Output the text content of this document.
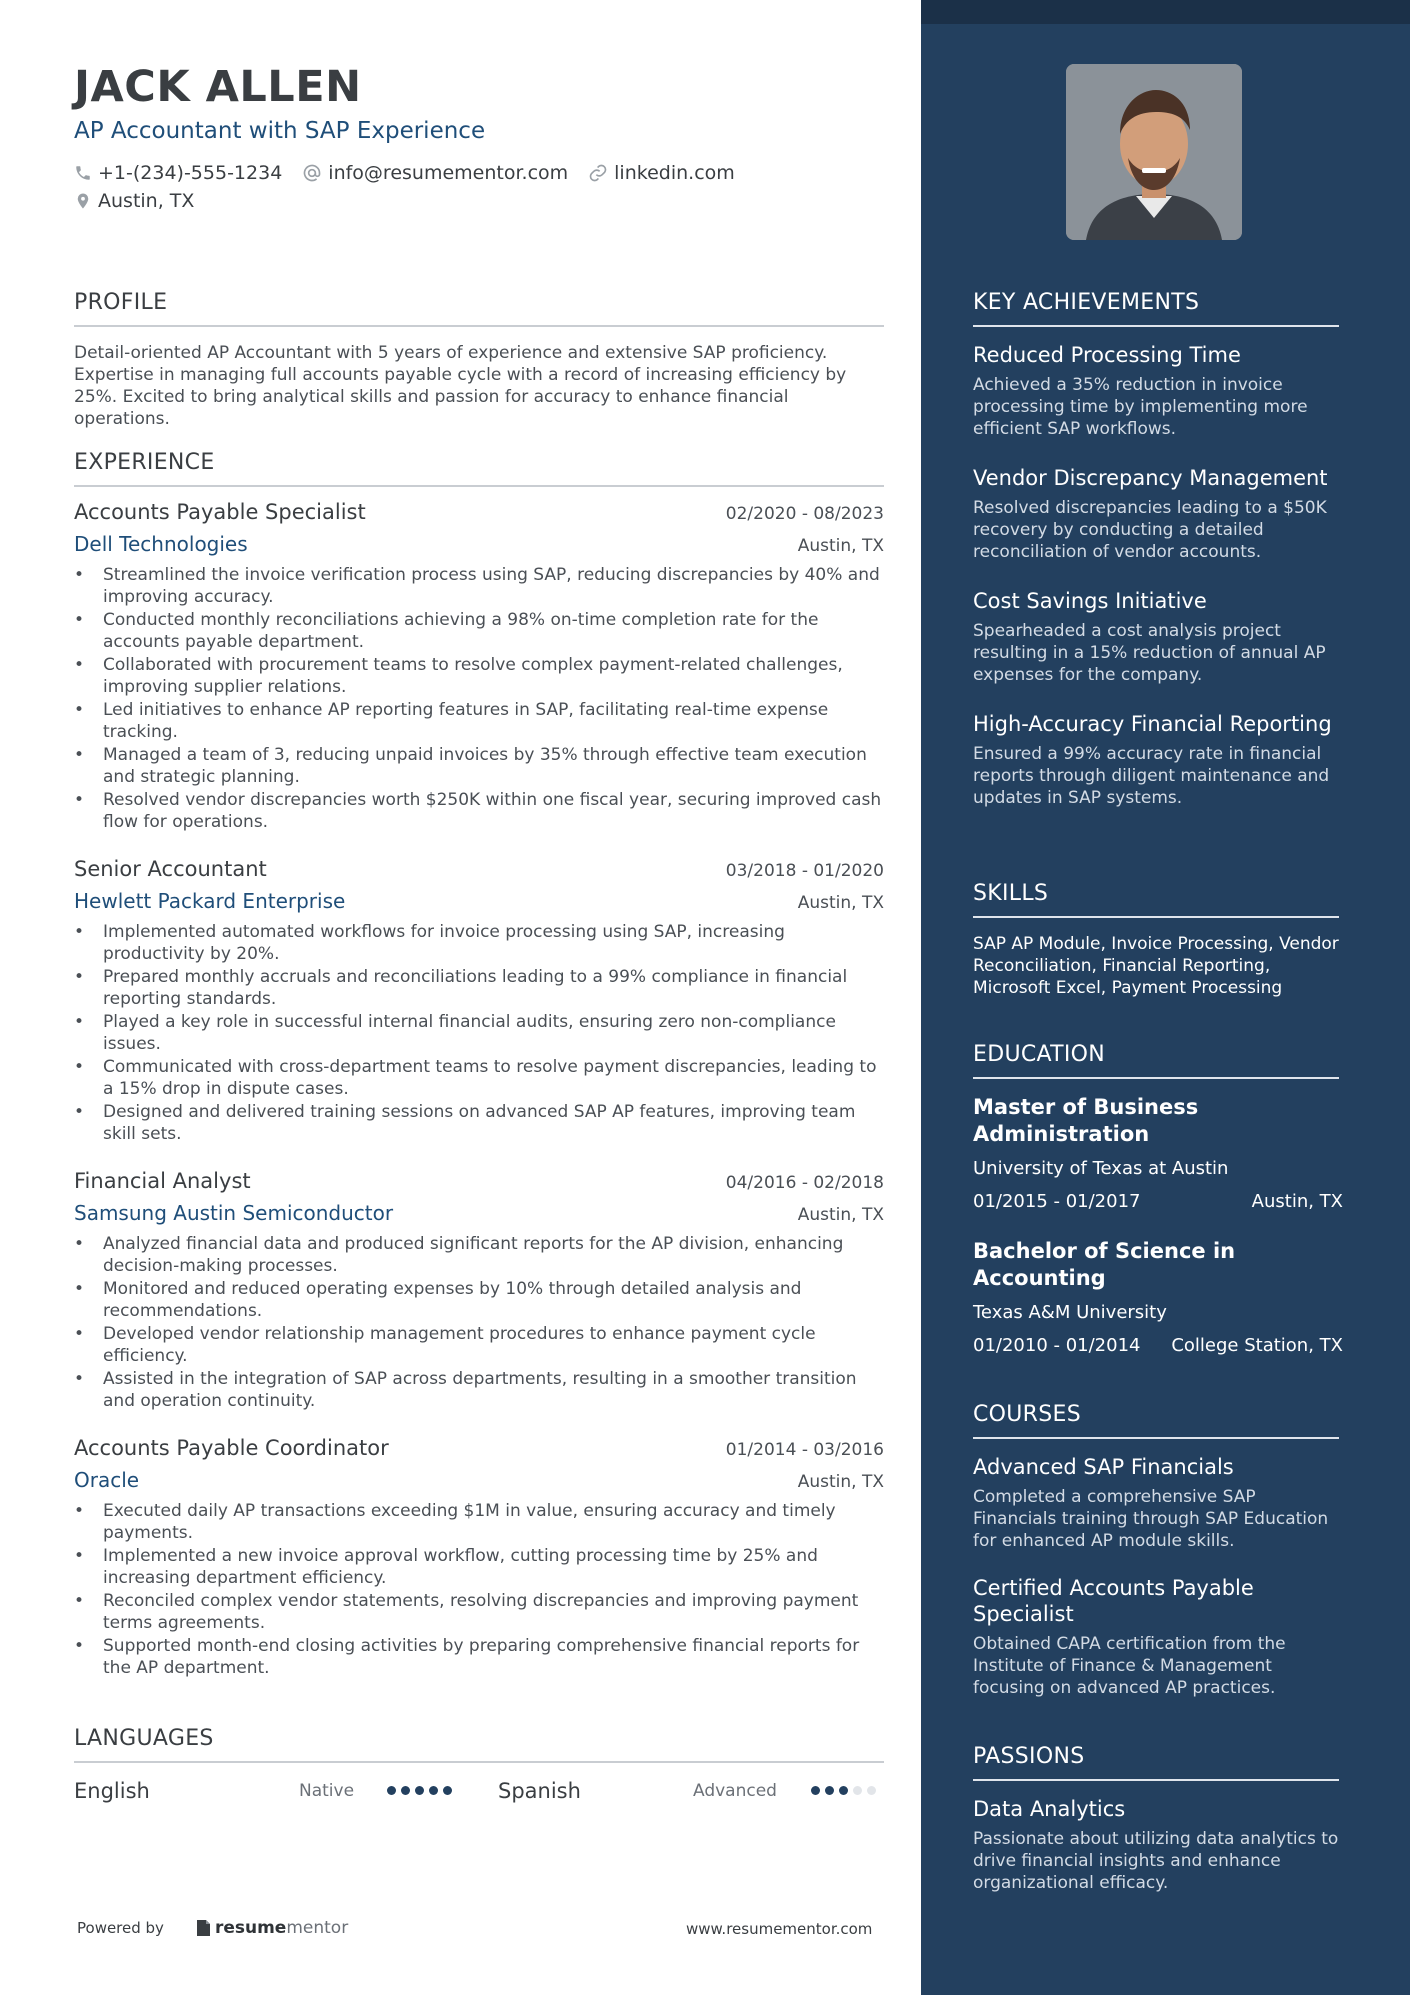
JACK ALLEN
AP Accountant with SAP Experience
+1-(234)-555-1234 info@resumementor.com linkedin.com
Austin, TX
PROFILE
Detail-oriented AP Accountant with 5 years of experience and extensive SAP proficiency. Expertise in managing full accounts payable cycle with a record of increasing efficiency by 25%. Excited to bring analytical skills and passion for accuracy to enhance financial operations.
EXPERIENCE
Accounts Payable Specialist	02/2020 - 08/2023
Dell Technologies	Austin, TX
• Streamlined the invoice verification process using SAP, reducing discrepancies by 40% and improving accuracy.
• Conducted monthly reconciliations achieving a 98% on-time completion rate for the accounts payable department.
• Collaborated with procurement teams to resolve complex payment-related challenges, improving supplier relations.
• Led initiatives to enhance AP reporting features in SAP, facilitating real-time expense tracking.
• Managed a team of 3, reducing unpaid invoices by 35% through effective team execution and strategic planning.
• Resolved vendor discrepancies worth $250K within one fiscal year, securing improved cash flow for operations.
Senior Accountant	03/2018 - 01/2020
Hewlett Packard Enterprise	Austin, TX
• Implemented automated workflows for invoice processing using SAP, increasing productivity by 20%.
• Prepared monthly accruals and reconciliations leading to a 99% compliance in financial reporting standards.
• Played a key role in successful internal financial audits, ensuring zero non-compliance issues.
• Communicated with cross-department teams to resolve payment discrepancies, leading to a 15% drop in dispute cases.
• Designed and delivered training sessions on advanced SAP AP features, improving team skill sets.
Financial Analyst	04/2016 - 02/2018
Samsung Austin Semiconductor	Austin, TX
• Analyzed financial data and produced significant reports for the AP division, enhancing decision-making processes.
• Monitored and reduced operating expenses by 10% through detailed analysis and recommendations.
• Developed vendor relationship management procedures to enhance payment cycle efficiency.
• Assisted in the integration of SAP across departments, resulting in a smoother transition and operation continuity.
Accounts Payable Coordinator	01/2014 - 03/2016
Oracle	Austin, TX
• Executed daily AP transactions exceeding $1M in value, ensuring accuracy and timely payments.
• Implemented a new invoice approval workflow, cutting processing time by 25% and increasing department efficiency.
• Reconciled complex vendor statements, resolving discrepancies and improving payment terms agreements.
• Supported month-end closing activities by preparing comprehensive financial reports for the AP department.
LANGUAGES
English	Native	Spanish	Advanced
Powered by	resume mentor	www.resumementor.com
KEY ACHIEVEMENTS
Reduced Processing Time
Achieved a 35% reduction in invoice processing time by implementing more efficient SAP workflows.
Vendor Discrepancy Management
Resolved discrepancies leading to a $50K recovery by conducting a detailed reconciliation of vendor accounts.
Cost Savings Initiative
Spearheaded a cost analysis project resulting in a 15% reduction of annual AP expenses for the company.
High-Accuracy Financial Reporting
Ensured a 99% accuracy rate in financial reports through diligent maintenance and updates in SAP systems.
SKILLS
SAP AP Module, Invoice Processing, Vendor Reconciliation, Financial Reporting, Microsoft Excel, Payment Processing
EDUCATION
Master of Business Administration
University of Texas at Austin
01/2015 - 01/2017	Austin, TX
Bachelor of Science in Accounting
Texas A&M University
01/2010 - 01/2014 College Station, TX
COURSES
Advanced SAP Financials
Completed a comprehensive SAP Financials training through SAP Education for enhanced AP module skills.
Certified Accounts Payable Specialist
Obtained CAPA certification from the Institute of Finance & Management focusing on advanced AP practices.
PASSIONS
Data Analytics
Passionate about utilizing data analytics to drive financial insights and enhance organizational efficacy.
